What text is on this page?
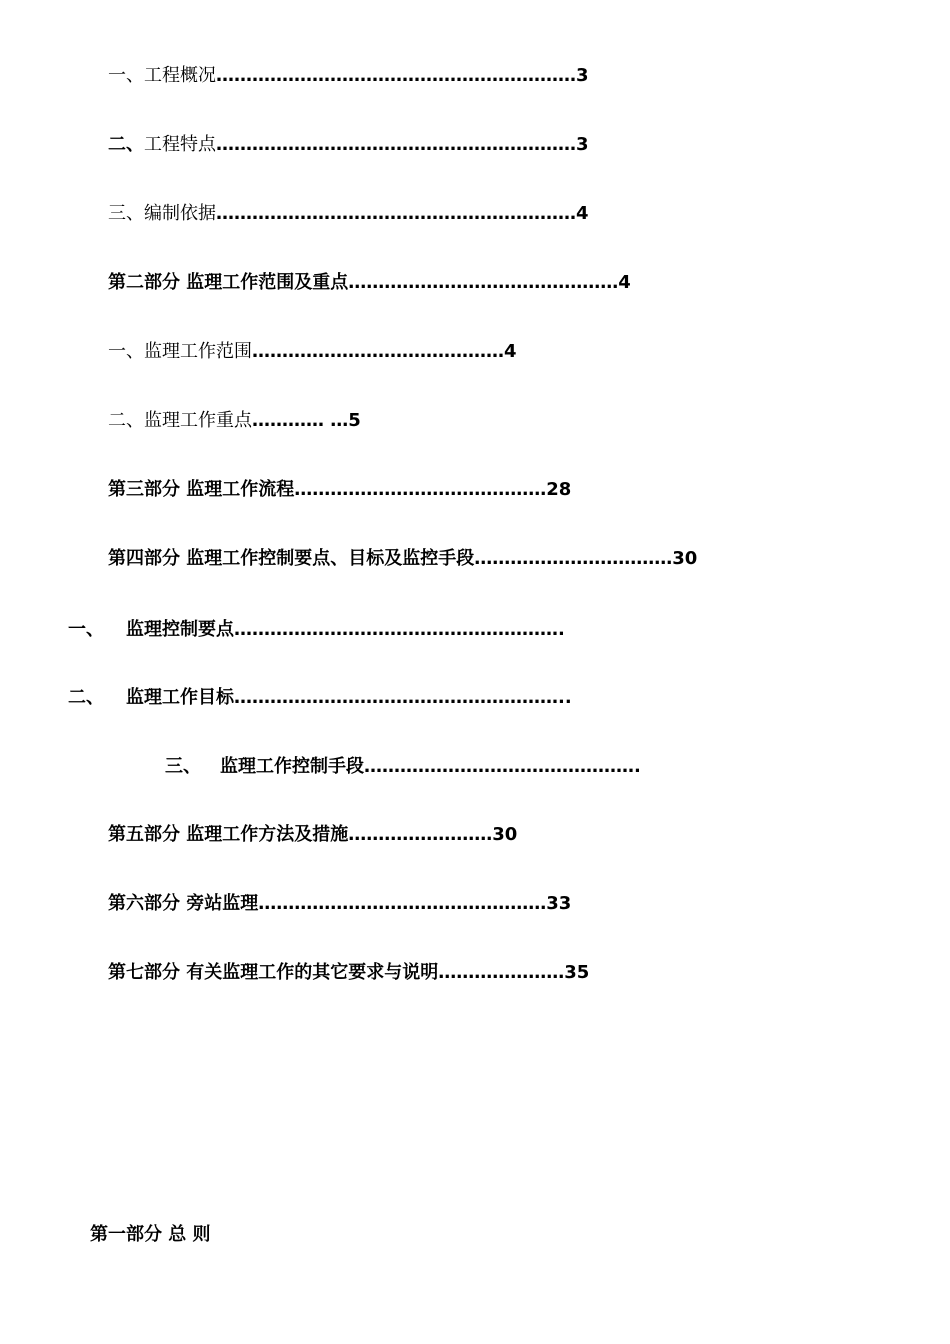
一、工程概况……………………………………………………3
二、工程特点……………………………………………………3
三、编制依据……………………………………………………4
第二部分 监理工作范围及重点………………………………………4
一、监理工作范围……………………………………4
二、监理工作重点………… …5
第三部分 监理工作流程……………………………………28
第四部分 监理工作控制要点、目标及监控手段……………………………30
一、 监理控制要点……………………………………………….
二、 监理工作目标………………………………………………..
三、 监理工作控制手段……………………………………….
第五部分 监理工作方法及措施……………………30
第六部分 旁站监理…………………………………………33
第七部分 有关监理工作的其它要求与说明…………………35
第一部分 总 则
